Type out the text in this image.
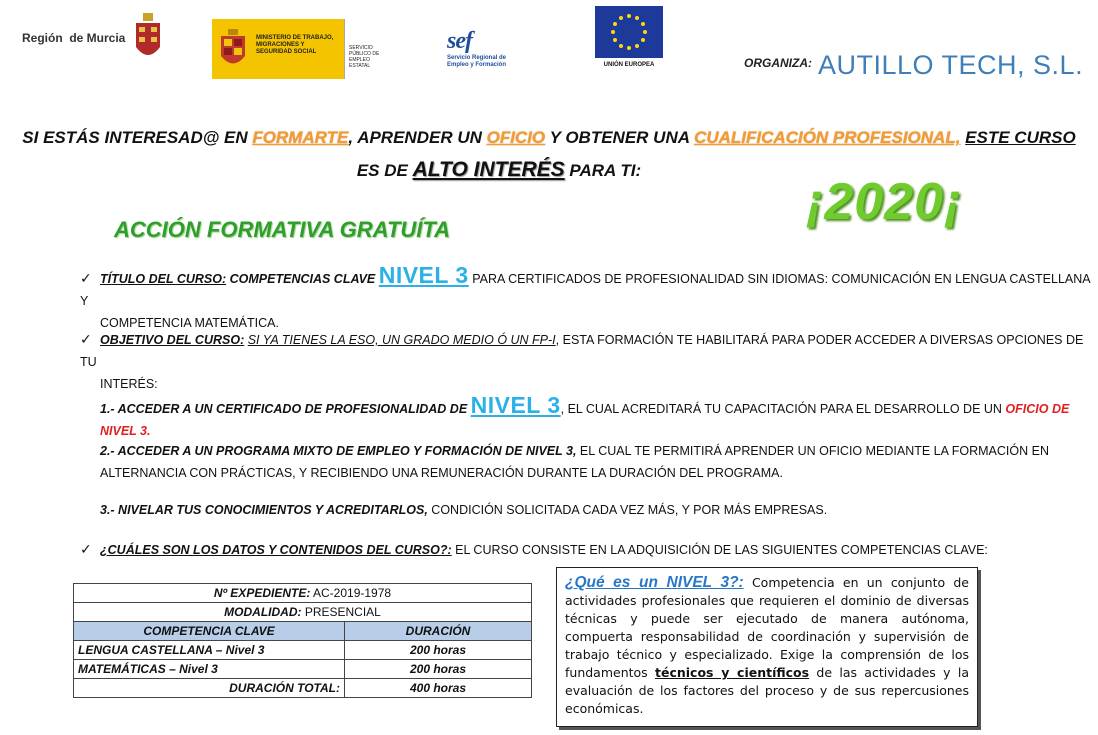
Región  de Murcia	MINISTERIO DE TRABAJO, MIGRACIONES Y SEGURIDAD SOCIAL
SERVICIO PÚBLICO DE EMPLEO ESTATAL
sef
Servicio Regional de Empleo y Formación	UNIÓN EUROPEA	ORGANIZA: AUTILLO TECH, S.L.
SI ESTÁS INTERESAD@ EN FORMARTE, APRENDER UN OFICIO Y OBTENER UNA CUALIFICACIÓN PROFESIONAL, ESTE CURSO
ES DE ALTO INTERÉS PARA TI:
¡2020¡
ACCIÓN FORMATIVA GRATUÍTA
✓ TÍTULO DEL CURSO: COMPETENCIAS CLAVE NIVEL 3 PARA CERTIFICADOS DE PROFESIONALIDAD SIN IDIOMAS: COMUNICACIÓN EN LENGUA CASTELLANA Y
COMPETENCIA MATEMÁTICA.
✓ OBJETIVO DEL CURSO: SI YA TIENES LA ESO, UN GRADO MEDIO Ó UN FP-I, ESTA FORMACIÓN TE HABILITARÁ PARA PODER ACCEDER A DIVERSAS OPCIONES DE TU
INTERÉS:
1.- ACCEDER A UN CERTIFICADO DE PROFESIONALIDAD DE NIVEL 3, EL CUAL ACREDITARÁ TU CAPACITACIÓN PARA EL DESARROLLO DE UN OFICIO DE NIVEL 3.
2.- ACCEDER A UN PROGRAMA MIXTO DE EMPLEO Y FORMACIÓN DE NIVEL 3, EL CUAL TE PERMITIRÁ APRENDER UN OFICIO MEDIANTE LA FORMACIÓN EN
ALTERNANCIA CON PRÁCTICAS, Y RECIBIENDO UNA REMUNERACIÓN DURANTE LA DURACIÓN DEL PROGRAMA.
3.- NIVELAR TUS CONOCIMIENTOS Y ACREDITARLOS, CONDICIÓN SOLICITADA CADA VEZ MÁS, Y POR MÁS EMPRESAS.
✓ ¿CUÁLES SON LOS DATOS Y CONTENIDOS DEL CURSO?: EL CURSO CONSISTE EN LA ADQUISICIÓN DE LAS SIGUIENTES COMPETENCIAS CLAVE:
Nº EXPEDIENTE: AC-2019-1978	
MODALIDAD: PRESENCIAL	
COMPETENCIA CLAVE	DURACIÓN
LENGUA CASTELLANA – Nivel 3	200 horas
MATEMÁTICAS – Nivel 3	200 horas
DURACIÓN TOTAL:	400 horas
¿Qué es un NIVEL 3?: Competencia en un conjunto de actividades profesionales que requieren el dominio de diversas técnicas y puede ser ejecutado de manera autónoma, compuerta responsabilidad de coordinación y supervisión de trabajo técnico y especializado. Exige la comprensión de los fundamentos técnicos y científicos de las actividades y la evaluación de los factores del proceso y de sus repercusiones económicas.
